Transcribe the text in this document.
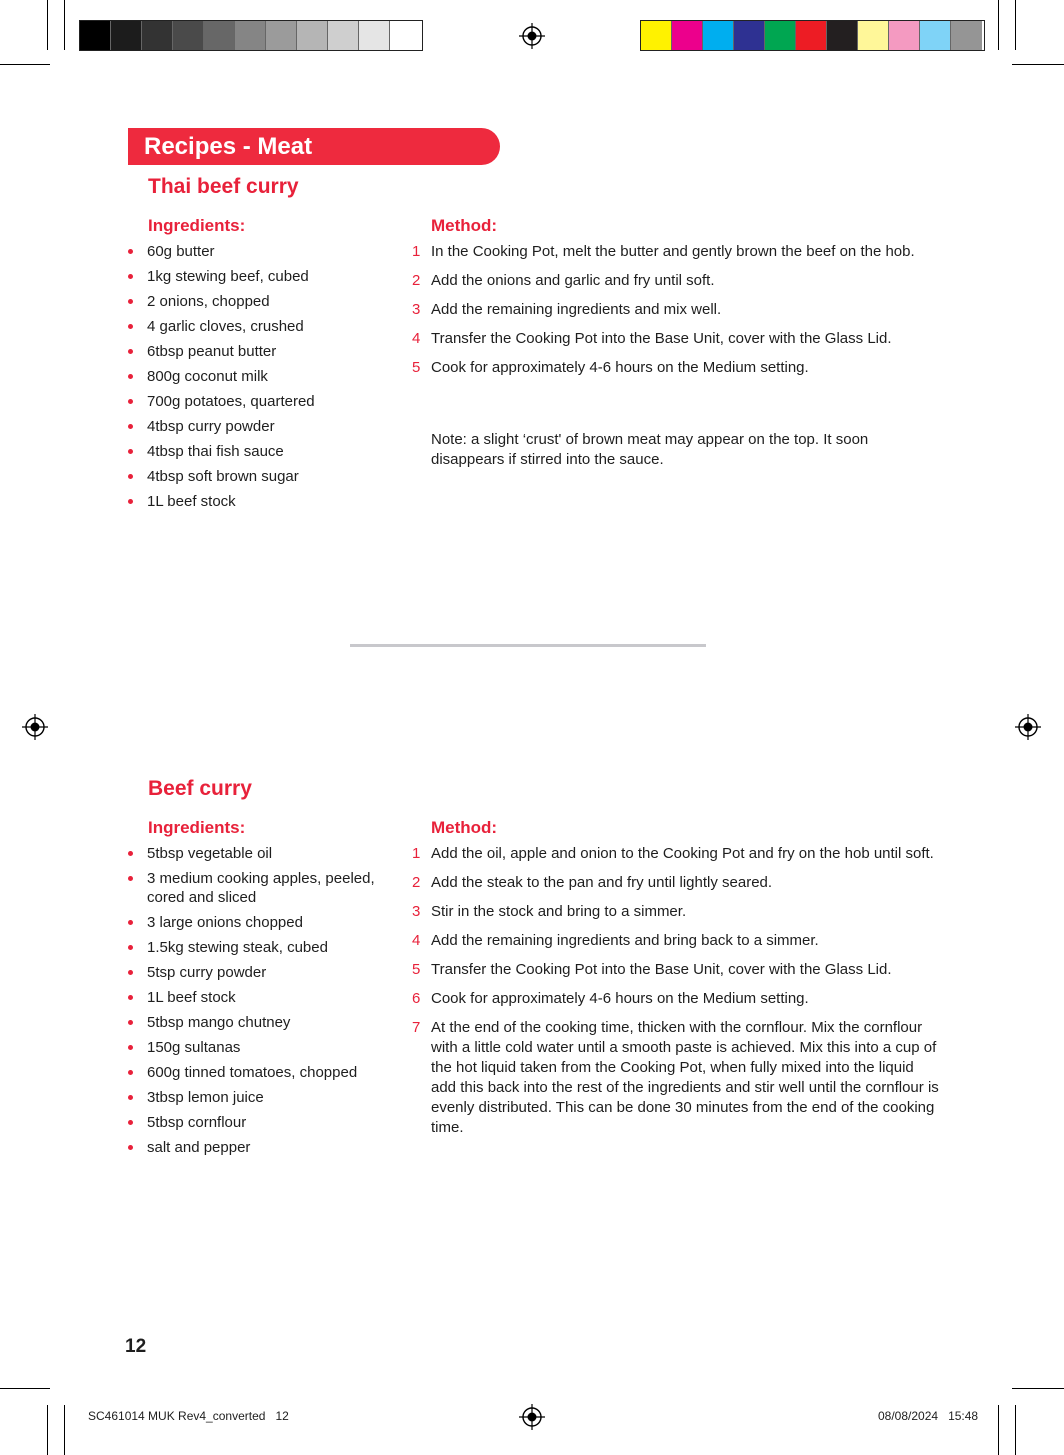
Recipes - Meat
Thai beef curry
Ingredients:	Method:
60g butter
1kg stewing beef, cubed
2 onions, chopped
4 garlic cloves, crushed
6tbsp peanut butter
800g coconut milk
700g potatoes, quartered
4tbsp curry powder
4tbsp thai fish sauce
4tbsp soft brown sugar
1L beef stock
1 In the Cooking Pot, melt the butter and gently brown the beef on the hob.
2 Add the onions and garlic and fry until soft.
3 Add the remaining ingredients and mix well.
4 Transfer the Cooking Pot into the Base Unit, cover with the Glass Lid.
5 Cook for approximately 4-6 hours on the Medium setting.
Note: a slight ‘crust' of brown meat may appear on the top. It soon disappears if stirred into the sauce.
Beef curry
Ingredients:	Method:
5tbsp vegetable oil
3 medium cooking apples, peeled, cored and sliced
3 large onions chopped
1.5kg stewing steak, cubed
5tsp curry powder
1L beef stock
5tbsp mango chutney
150g sultanas
600g tinned tomatoes, chopped
3tbsp lemon juice
5tbsp cornflour
salt and pepper
1 Add the oil, apple and onion to the Cooking Pot and fry on the hob until soft.
2 Add the steak to the pan and fry until lightly seared.
3 Stir in the stock and bring to a simmer.
4 Add the remaining ingredients and bring back to a simmer.
5 Transfer the Cooking Pot into the Base Unit, cover with the Glass Lid.
6 Cook for approximately 4-6 hours on the Medium setting.
7 At the end of the cooking time, thicken with the cornflour. Mix the cornflour with a little cold water until a smooth paste is achieved. Mix this into a cup of the hot liquid taken from the Cooking Pot, when fully mixed into the liquid add this back into the rest of the ingredients and stir well until the cornflour is evenly distributed. This can be done 30 minutes from the end of the cooking time.
12
SC461014 MUK Rev4_converted 12	08/08/2024 15:48
